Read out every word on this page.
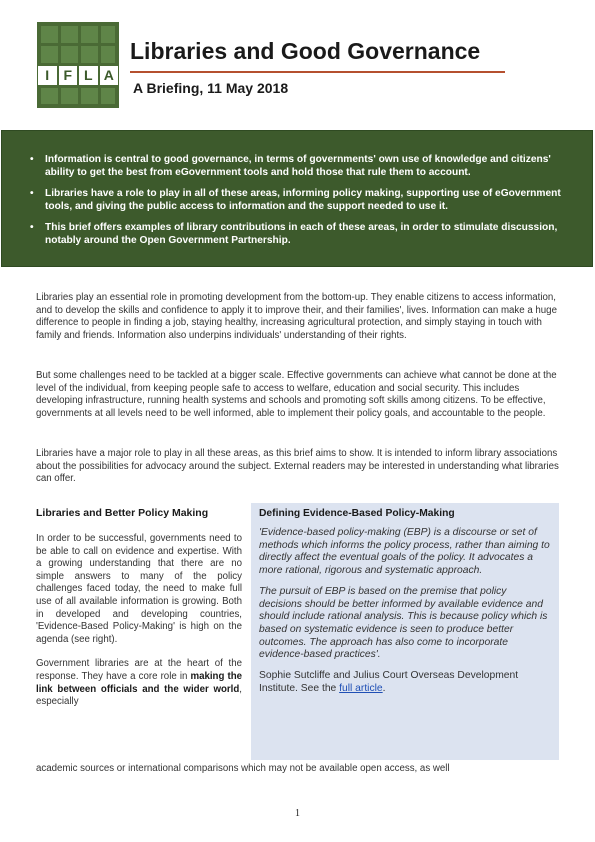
I	F L A
Libraries and Good Governance
A Briefing, 11 May 2018
• Information is central to good governance, in terms of governments' own use of knowledge and citizens' ability to get the best from eGovernment tools and hold those that rule them to account.
• Libraries have a role to play in all of these areas, informing policy making, supporting use of eGovernment tools, and giving the public access to information and the support needed to use it.
• This brief offers examples of library contributions in each of these areas, in order to stimulate discussion, notably around the Open Government Partnership.

Libraries play an essential role in promoting development from the bottom-up. They enable citizens to access information, and to develop the skills and confidence to apply it to improve their, and their families', lives. Information can make a huge difference to people in finding a job, staying healthy, increasing agricultural protection, and simply staying in touch with family and friends. Information also underpins individuals' understanding of their rights.

But some challenges need to be tackled at a bigger scale. Effective governments can achieve what cannot be done at the level of the individual, from keeping people safe to access to welfare, education and social security. This includes developing infrastructure, running health systems and schools and promoting soft skills among citizens. To be effective, governments at all levels need to be well informed, able to implement their policy goals, and accountable to the people.

Libraries have a major role to play in all these areas, as this brief aims to show. It is intended to inform library associations about the possibilities for advocacy around the subject. External readers may be interested in understanding what libraries can offer.

Libraries and Better Policy Making

In order to be successful, governments need to be able to call on evidence and expertise. With a growing understanding that there are no simple answers to many of the policy challenges faced today, the need to make full use of all available information is growing. Both in developed and developing countries, 'Evidence-Based Policy-Making' is high on the agenda (see right).

Government libraries are at the heart of the response. They have a core role in making the link between officials and the wider world, especially

Defining Evidence-Based Policy-Making

'Evidence-based policy-making (EBP) is a discourse or set of methods which informs the policy process, rather than aiming to directly affect the eventual goals of the policy. It advocates a more rational, rigorous and systematic approach.

The pursuit of EBP is based on the premise that policy decisions should be better informed by available evidence and should include rational analysis. This is because policy which is based on systematic evidence is seen to produce better outcomes. The approach has also come to incorporate evidence-based practices'.

Sophie Sutcliffe and Julius Court Overseas Development Institute. See the full article.

academic sources or international comparisons which may not be available open access, as well

1
